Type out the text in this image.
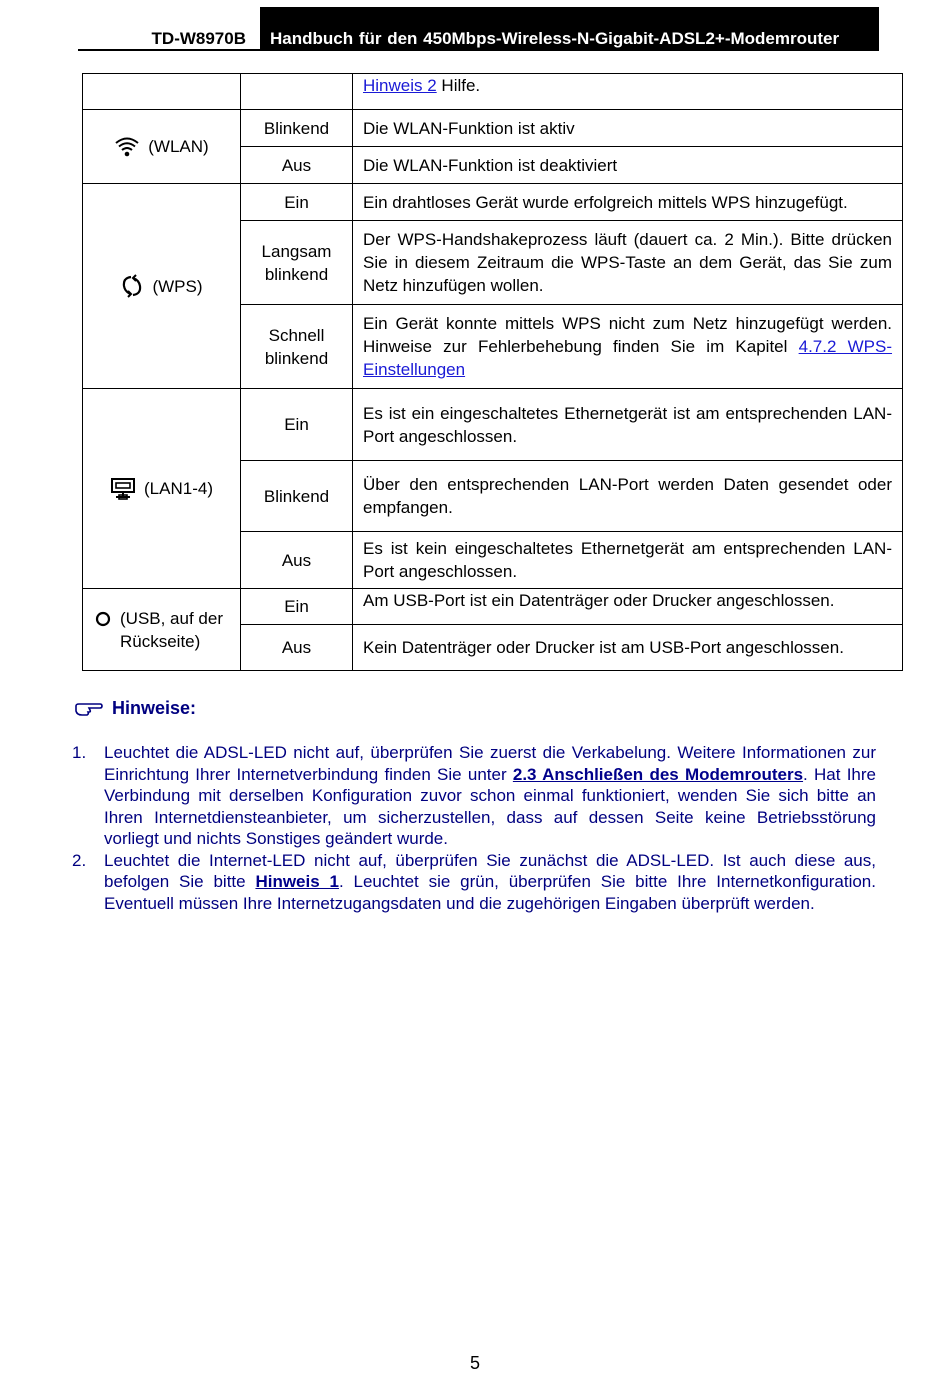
TD-W8970B	Handbuch für den 450Mbps-Wireless-N-Gigabit-ADSL2+-Modemrouter
		Hinweis 2 Hilfe.

(WLAN)	Blinkend	Die WLAN-Funktion ist aktiv
	Aus	Die WLAN-Funktion ist deaktiviert

(WPS)	Ein	Ein drahtloses Gerät wurde erfolgreich mittels WPS hinzugefügt.
	Langsam blinkend	Der WPS-Handshakeprozess läuft (dauert ca. 2 Min.). Bitte drücken Sie in diesem Zeitraum die WPS-Taste an dem Gerät, das Sie zum Netz hinzufügen wollen.
	Schnell blinkend	Ein Gerät konnte mittels WPS nicht zum Netz hinzugefügt werden. Hinweise zur Fehlerbehebung finden Sie im Kapitel 4.7.2 WPS-Einstellungen

(LAN1-4)	Ein	Es ist ein eingeschaltetes Ethernetgerät ist am entsprechenden LAN-Port angeschlossen.
	Blinkend	Über den entsprechenden LAN-Port werden Daten gesendet oder empfangen.
	Aus	Es ist kein eingeschaltetes Ethernetgerät am entsprechenden LAN-Port angeschlossen.

(USB, auf der Rückseite)	Ein	Am USB-Port ist ein Datenträger oder Drucker angeschlossen.
	Aus	Kein Datenträger oder Drucker ist am USB-Port angeschlossen.
Hinweise:
1.	Leuchtet die ADSL-LED nicht auf, überprüfen Sie zuerst die Verkabelung. Weitere Informationen zur Einrichtung Ihrer Internetverbindung finden Sie unter 2.3 Anschließen des Modemrouters. Hat Ihre Verbindung mit derselben Konfiguration zuvor schon einmal funktioniert, wenden Sie sich bitte an Ihren Internetdiensteanbieter, um sicherzustellen, dass auf dessen Seite keine Betriebsstörung vorliegt und nichts Sonstiges geändert wurde.
2.	Leuchtet die Internet-LED nicht auf, überprüfen Sie zunächst die ADSL-LED. Ist auch diese aus, befolgen Sie bitte Hinweis 1. Leuchtet sie grün, überprüfen Sie bitte Ihre Internetkonfiguration. Eventuell müssen Ihre Internetzugangsdaten und die zugehörigen Eingaben überprüft werden.
5
